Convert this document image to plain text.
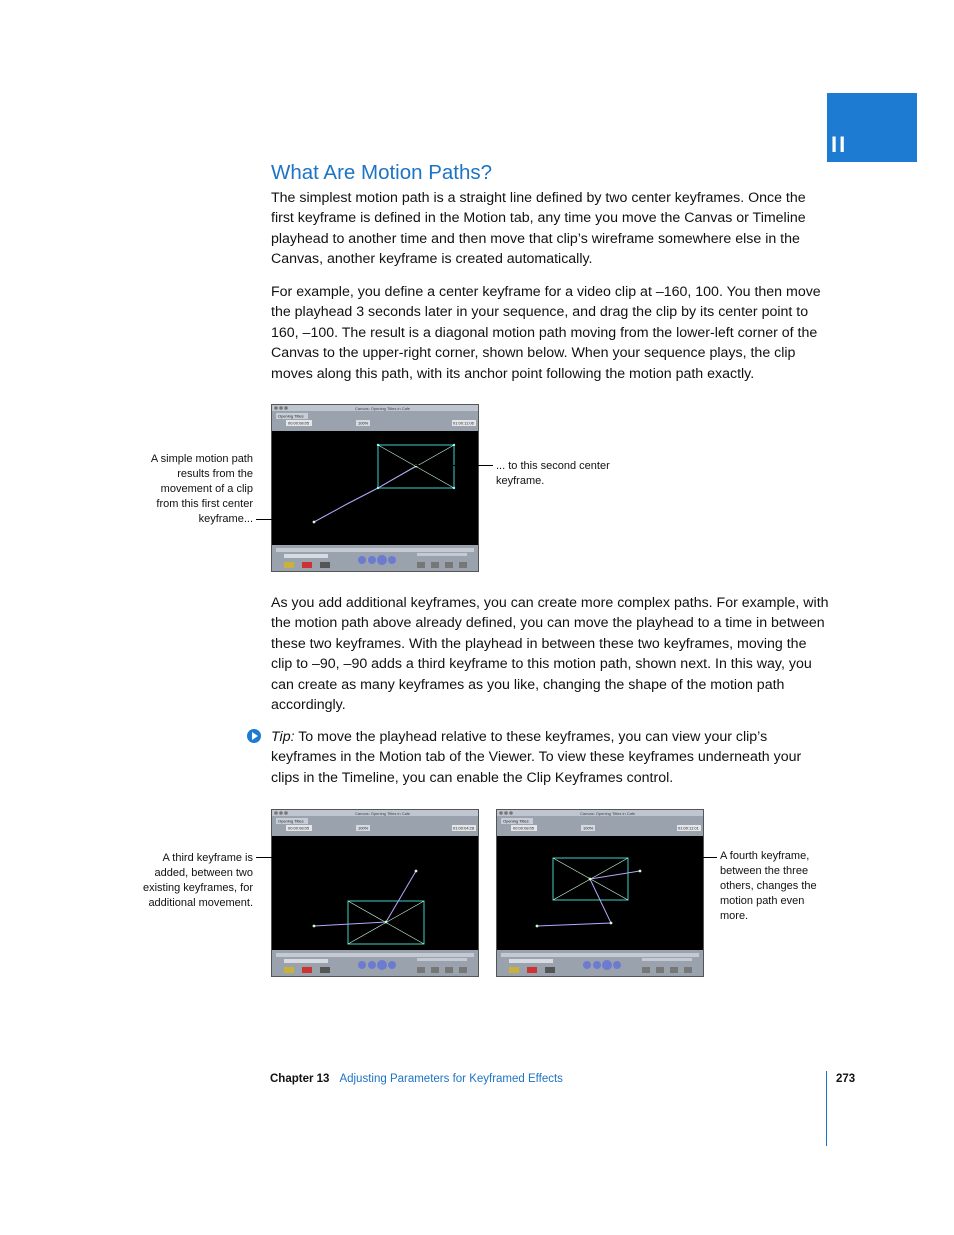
II
What Are Motion Paths?

The simplest motion path is a straight line defined by two center keyframes. Once the first keyframe is defined in the Motion tab, any time you move the Canvas or Timeline playhead to another time and then move that clip’s wireframe somewhere else in the Canvas, another keyframe is created automatically.

For example, you define a center keyframe for a video clip at –160, 100. You then move the playhead 3 seconds later in your sequence, and drag the clip by its center point to 160, –100. The result is a diagonal motion path moving from the lower-left corner of the Canvas to the upper-right corner, shown below. When your sequence plays, the clip moves along this path, with its anchor point following the motion path exactly.

Canvas: Opening Titles in Cafe
Opening Titles
00:00:08:05	100%	01:00:11:06
A simple motion path results from the movement of a clip from this first center keyframe...
... to this second center keyframe.

As you add additional keyframes, you can create more complex paths. For example, with the motion path above already defined, you can move the playhead to a time in between these two keyframes. With the playhead in between these two keyframes, moving the clip to –90, –90 adds a third keyframe to this motion path, shown next. In this way, you can create as many keyframes as you like, changing the shape of the motion path accordingly.

Tip: To move the playhead relative to these keyframes, you can view your clip’s keyframes in the Motion tab of the Viewer. To view these keyframes underneath your clips in the Timeline, you can enable the Clip Keyframes control.

Canvas: Opening Titles in Cafe
Opening Titles
00:00:08:05	100%	01:00:04:28
Canvas: Opening Titles in Cafe
Opening Titles
00:00:08:05	100%	01:00:11:01
A third keyframe is added, between two existing keyframes, for additional movement.
A fourth keyframe, between the three others, changes the motion path even more.
Chapter 13 Adjusting Parameters for Keyframed Effects	273
